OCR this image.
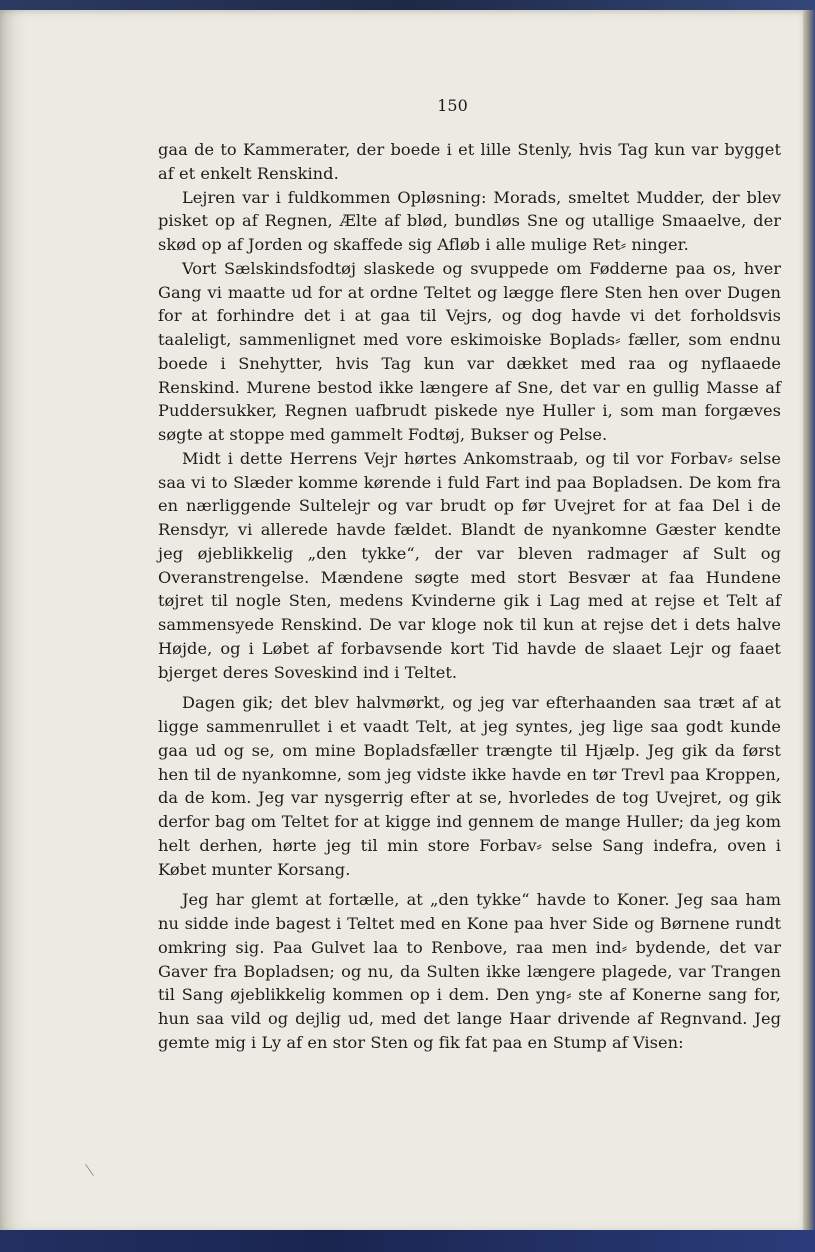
150

gaa de to Kammerater, der boede i et lille Stenly, hvis Tag kun var bygget af et enkelt Renskind.

Lejren var i fuldkommen Opløsning: Morads, smeltet Mudder, der blev pisket op af Regnen, Ælte af blød, bundløs Sne og utallige Smaaelve, der skød op af Jorden og skaffede sig Afløb i alle mulige Ret⸗ ninger.

Vort Sælskindsfodtøj slaskede og svuppede om Fødderne paa os, hver Gang vi maatte ud for at ordne Teltet og lægge flere Sten hen over Dugen for at forhindre det i at gaa til Vejrs, og dog havde vi det forholdsvis taaleligt, sammenlignet med vore eskimoiske Boplads⸗ fæller, som endnu boede i Snehytter, hvis Tag kun var dækket med raa og nyflaaede Renskind. Murene bestod ikke længere af Sne, det var en gullig Masse af Puddersukker, Regnen uafbrudt piskede nye Huller i, som man forgæves søgte at stoppe med gammelt Fodtøj, Bukser og Pelse.

Midt i dette Herrens Vejr hørtes Ankomstraab, og til vor Forbav⸗ selse saa vi to Slæder komme kørende i fuld Fart ind paa Bopladsen. De kom fra en nærliggende Sultelejr og var brudt op før Uvejret for at faa Del i de Rensdyr, vi allerede havde fældet. Blandt de nyankomne Gæster kendte jeg øjeblikkelig „den tykke“, der var bleven radmager af Sult og Overanstrengelse. Mændene søgte med stort Besvær at faa Hundene tøjret til nogle Sten, medens Kvinderne gik i Lag med at rejse et Telt af sammensyede Renskind. De var kloge nok til kun at rejse det i dets halve Højde, og i Løbet af forbavsende kort Tid havde de slaaet Lejr og faaet bjerget deres Soveskind ind i Teltet.

Dagen gik; det blev halvmørkt, og jeg var efterhaanden saa træt af at ligge sammenrullet i et vaadt Telt, at jeg syntes, jeg lige saa godt kunde gaa ud og se, om mine Bopladsfæller trængte til Hjælp. Jeg gik da først hen til de nyankomne, som jeg vidste ikke havde en tør Trevl paa Kroppen, da de kom. Jeg var nysgerrig efter at se, hvorledes de tog Uvejret, og gik derfor bag om Teltet for at kigge ind gennem de mange Huller; da jeg kom helt derhen, hørte jeg til min store Forbav⸗ selse Sang indefra, oven i Købet munter Korsang.

Jeg har glemt at fortælle, at „den tykke“ havde to Koner. Jeg saa ham nu sidde inde bagest i Teltet med en Kone paa hver Side og Børnene rundt omkring sig. Paa Gulvet laa to Renbove, raa men ind⸗ bydende, det var Gaver fra Bopladsen; og nu, da Sulten ikke længere plagede, var Trangen til Sang øjeblikkelig kommen op i dem. Den yng⸗ ste af Konerne sang for, hun saa vild og dejlig ud, med det lange Haar drivende af Regnvand. Jeg gemte mig i Ly af en stor Sten og fik fat paa en Stump af Visen:
